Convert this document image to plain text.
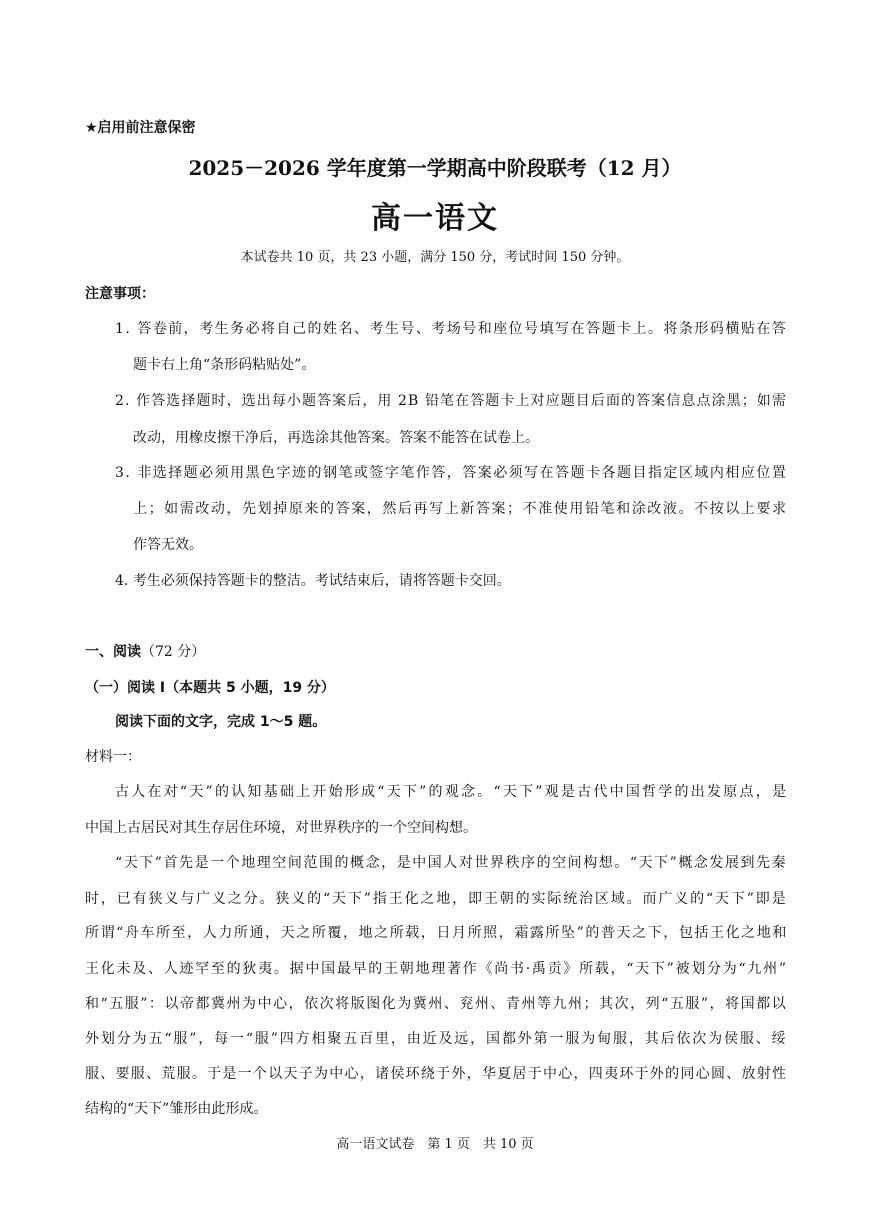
★启用前注意保密
2025－2026 学年度第一学期高中阶段联考（12 月）
高一语文
本试卷共 10 页，共 23 小题，满分 150 分，考试时间 150 分钟。
注意事项：
1. 答卷前，考生务必将自己的姓名、考生号、考场号和座位号填写在答题卡上。将条形码横贴在答
题卡右上角“条形码粘贴处”。
2. 作答选择题时，选出每小题答案后，用 2B 铅笔在答题卡上对应题目后面的答案信息点涂黑；如需
改动，用橡皮擦干净后，再选涂其他答案。答案不能答在试卷上。
3. 非选择题必须用黑色字迹的钢笔或签字笔作答，答案必须写在答题卡各题目指定区域内相应位置
上；如需改动，先划掉原来的答案，然后再写上新答案；不准使用铅笔和涂改液。不按以上要求
作答无效。
4. 考生必须保持答题卡的整洁。考试结束后，请将答题卡交回。
一、阅读（72 分）
（一）阅读 I（本题共 5 小题，19 分）
阅读下面的文字，完成 1～5 题。
材料一：
古人在对“天”的认知基础上开始形成“天下”的观念。“天下”观是古代中国哲学的出发原点，是
中国上古居民对其生存居住环境，对世界秩序的一个空间构想。
“天下”首先是一个地理空间范围的概念，是中国人对世界秩序的空间构想。“天下”概念发展到先秦
时，已有狭义与广义之分。狭义的“天下”指王化之地，即王朝的实际统治区域。而广义的“天下”即是
所谓“舟车所至，人力所通，天之所覆，地之所载，日月所照，霜露所坠”的普天之下，包括王化之地和
王化未及、人迹罕至的狄夷。据中国最早的王朝地理著作《尚书·禹贡》所载，“天下”被划分为“九州”
和“五服”：以帝都冀州为中心，依次将版图化为冀州、兖州、青州等九州；其次，列“五服”，将国都以
外划分为五“服”，每一“服”四方相聚五百里，由近及远，国都外第一服为甸服，其后依次为侯服、绥
服、要服、荒服。于是一个以天子为中心，诸侯环绕于外，华夏居于中心，四夷环于外的同心圆、放射性
结构的“天下”雏形由此形成。
高一语文试卷　第 1 页　共 10 页
